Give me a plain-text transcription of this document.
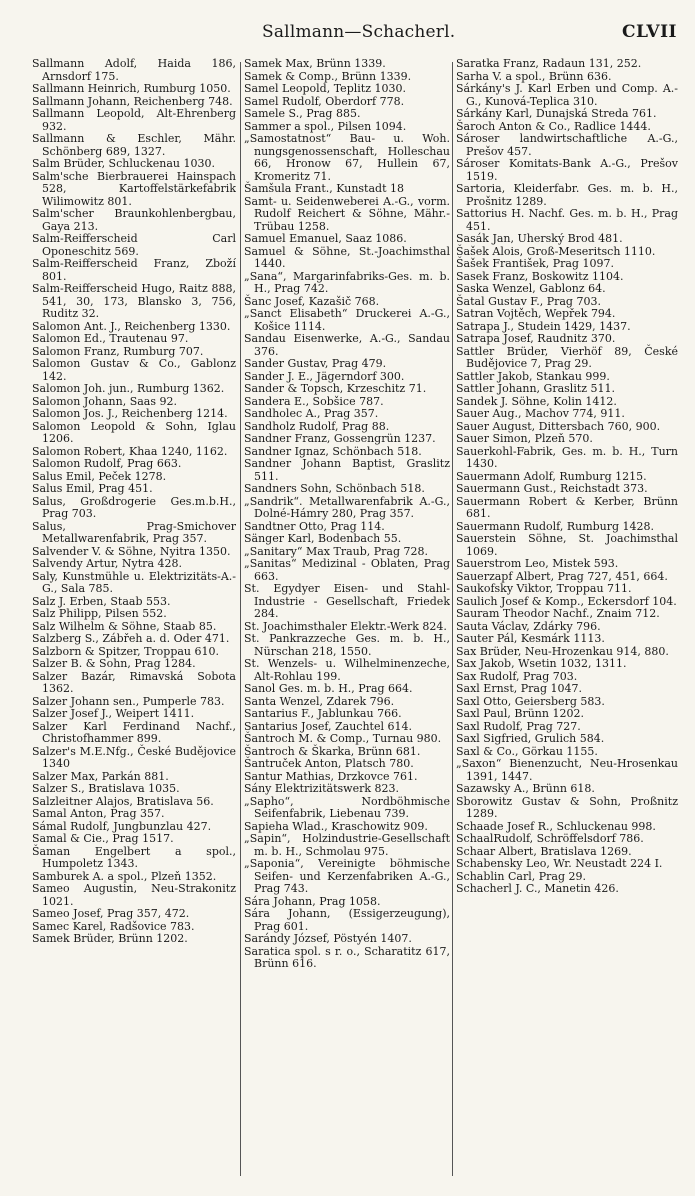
Sallmann—Schacherl.	CLVII
Sallmann Adolf, Haida 186, Arnsdorf 175.
Sallmann Heinrich, Rumburg 1050.
Sallmann Johann, Reichenberg 748.
Sallmann Leopold, Alt-Ehrenberg 932.
Sallmann & Eschler, Mähr. Schönberg 689, 1327.
Salm Brüder, Schluckenau 1030.
Salm'sche Bierbrauerei Hainspach 528, Kartoffelstärkefabrik Wilimowitz 801.
Salm'scher Braunkohlenbergbau, Gaya 213.
Salm-Reifferscheid Carl Oponeschitz 569.
Salm-Reifferscheid Franz, Zboží 801.
Salm-Reifferscheid Hugo, Raitz 888, 541, 30, 173, Blansko 3, 756, Ruditz 32.
Salomon Ant. J., Reichenberg 1330.
Salomon Ed., Trautenau 97.
Salomon Franz, Rumburg 707.
Salomon Gustav & Co., Gablonz 142.
Salomon Joh. jun., Rumburg 1362.
Salomon Johann, Saas 92.
Salomon Jos. J., Reichenberg 1214.
Salomon Leopold & Sohn, Iglau 1206.
Salomon Robert, Khaa 1240, 1162.
Salomon Rudolf, Prag 663.
Salus Emil, Peček 1278.
Salus Emil, Prag 451.
Salus, Großdrogerie Ges.m.b.H., Prag 703.
Salus, Prag-Smichover Metallwarenfabrik, Prag 357.
Salvender V. & Söhne, Nyitra 1350.
Salvendy Artur, Nytra 428.
Saly, Kunstmühle u. Elektrizitäts-A.-G., Sala 785.
Salz J. Erben, Staab 553.
Salz Philipp, Pilsen 552.
Salz Wilhelm & Söhne, Staab 85.
Salzberg S., Zábřeh a. d. Oder 471.
Salzborn & Spitzer, Troppau 610.
Salzer B. & Sohn, Prag 1284.
Salzer Bazár, Rimavská Sobota 1362.
Salzer Johann sen., Pumperle 783.
Salzer Josef J., Weipert 1411.
Salzer Karl Ferdinand Nachf., Christofhammer 899.
Salzer's M.E.Nfg., České Budějovice 1340
Salzer Max, Parkán 881.
Salzer S., Bratislava 1035.
Salzleitner Alajos, Bratislava 56.
Samal Anton, Prag 357.
Sámal Rudolf, Jungbunzlau 427.
Samal & Cie., Prag 1517.
Šaman Engelbert a spol., Humpoletz 1343.
Samburek A. a spol., Plzeň 1352.
Sameo Augustin, Neu-Strakonitz 1021.
Sameo Josef, Prag 357, 472.
Samec Karel, Radšovice 783.
Samek Brüder, Brünn 1202.
Samek Max, Brünn 1339.
Samek & Comp., Brünn 1339.
Samel Leopold, Teplitz 1030.
Samel Rudolf, Oberdorf 778.
Samele S., Prag 885.
Sammer a spol., Pilsen 1094.
„Samostatnost“ Bau- u. Woh. nungsgenossenschaft, Holleschau 66, Hronow 67, Hullein 67, Kromeritz 71.
Šamšula Frant., Kunstadt 18
Samt- u. Seidenweberei A.-G., vorm. Rudolf Reichert & Söhne, Mähr.-Trübau 1258.
Samuel Emanuel, Saaz 1086.
Samuel & Söhne, St.-Joachimsthal 1440.
„Sana“, Margarinfabriks-Ges. m. b. H., Prag 742.
Šanc Josef, Kazašič 768.
„Sanct Elisabeth“ Druckerei A.-G., Košice 1114.
Sandau Eisenwerke, A.-G., Sandau 376.
Sander Gustav, Prag 479.
Sander J. E., Jägerndorf 300.
Sander & Topsch, Krzeschitz 71.
Sandera E., Sobšice 787.
Sandholec A., Prag 357.
Sandholz Rudolf, Prag 88.
Sandner Franz, Gossengrün 1237.
Sandner Ignaz, Schönbach 518.
Sandner Johann Baptist, Graslitz 511.
Sandners Sohn, Schönbach 518.
„Sandrik“. Metallwarenfabrik A.-G., Dolné-Hámry 280, Prag 357.
Sandtner Otto, Prag 114.
Sänger Karl, Bodenbach 55.
„Sanitary“ Max Traub, Prag 728.
„Sanitas“ Medizinal - Oblaten, Prag 663.
St. Egydyer Eisen- und Stahl-Industrie - Gesellschaft, Friedek 284.
St. Joachimsthaler Elektr.-Werk 824.
St. Pankrazzeche Ges. m. b. H., Nürschan 218, 1550.
St. Wenzels- u. Wilhelminenzeche, Alt-Rohlau 199.
Sanol Ges. m. b. H., Prag 664.
Santa Wenzel, Zdarek 796.
Santarius F., Jablunkau 766.
Santarius Josef, Zauchtel 614.
Šantroch M. & Comp., Turnau 980.
Šantroch & Škarka, Brünn 681.
Šantruček Anton, Platsch 780.
Santur Mathias, Drzkovce 761.
Sány Elektrizitätswerk 823.
„Sapho“, Nordböhmische Seifenfabrik, Liebenau 739.
Sapieha Wlad., Kraschowitz 909.
„Sapin“, Holzindustrie-Gesellschaft m. b. H., Schmolau 975.
„Saponia“, Vereinigte böhmische Seifen- und Kerzenfabriken A.-G., Prag 743.
Sára Johann, Prag 1058.
Sára Johann, (Essigerzeugung), Prag 601.
Sarándy József, Pöstyén 1407.
Saratica spol. s r. o., Scharatitz 617, Brünn 616.
Saratka Franz, Radaun 131, 252.
Sarha V. a spol., Brünn 636.
Sárkány's J. Karl Erben und Comp. A.-G., Kunová-Teplica 310.
Sárkány Karl, Dunajská Streda 761.
Šaroch Anton & Co., Radlice 1444.
Sároser landwirtschaftliche A.-G., Prešov 457.
Sároser Komitats-Bank A.-G., Prešov 1519.
Sartoria, Kleiderfabr. Ges. m. b. H., Prošnitz 1289.
Sattorius H. Nachf. Ges. m. b. H., Prag 451.
Sasák Jan, Uherský Brod 481.
Šašek Alois, Groß-Meseritsch 1110.
Šašek František, Prag 1097.
Sasek Franz, Boskowitz 1104.
Saska Wenzel, Gablonz 64.
Šatal Gustav F., Prag 703.
Satran Vojtěch, Wepřek 794.
Satrapa J., Studein 1429, 1437.
Satrapa Josef, Raudnitz 370.
Sattler Brüder, Vierhöf 89, České Budějovice 7, Prag 29.
Sattler Jakob, Stankau 999.
Sattler Johann, Graslitz 511.
Sandek J. Söhne, Kolin 1412.
Sauer Aug., Machov 774, 911.
Sauer August, Dittersbach 760, 900.
Sauer Simon, Plzeň 570.
Sauerkohl-Fabrik, Ges. m. b. H., Turn 1430.
Sauermann Adolf, Rumburg 1215.
Sauermann Gust., Reichstadt 373.
Sauermann Robert & Kerber, Brünn 681.
Sauermann Rudolf, Rumburg 1428.
Sauerstein Söhne, St. Joachimsthal 1069.
Sauerstrom Leo, Mistek 593.
Sauerzapf Albert, Prag 727, 451, 664.
Saukofsky Viktor, Troppau 711.
Saulich Josef & Komp., Eckersdorf 104.
Sauram Theodor Nachf., Znaim 712.
Sauta Václav, Zdárky 796.
Sauter Pál, Kesmárk 1113.
Sax Brüder, Neu-Hrozenkau 914, 880.
Sax Jakob, Wsetin 1032, 1311.
Sax Rudolf, Prag 703.
Saxl Ernst, Prag 1047.
Saxl Otto, Geiersberg 583.
Saxl Paul, Brünn 1202.
Saxl Rudolf, Prag 727.
Saxl Sigfried, Grulich 584.
Saxl & Co., Görkau 1155.
„Saxon“ Bienenzucht, Neu-Hrosenkau 1391, 1447.
Sazawsky A., Brünn 618.
Sborowitz Gustav & Sohn, Proßnitz 1289.
Schaade Josef R., Schluckenau 998.
SchaalRudolf, Schröffelsdorf 786.
Schaar Albert, Bratislava 1269.
Schabensky Leo, Wr. Neustadt 224 I.
Schablin Carl, Prag 29.
Schacherl J. C., Manetin 426.
